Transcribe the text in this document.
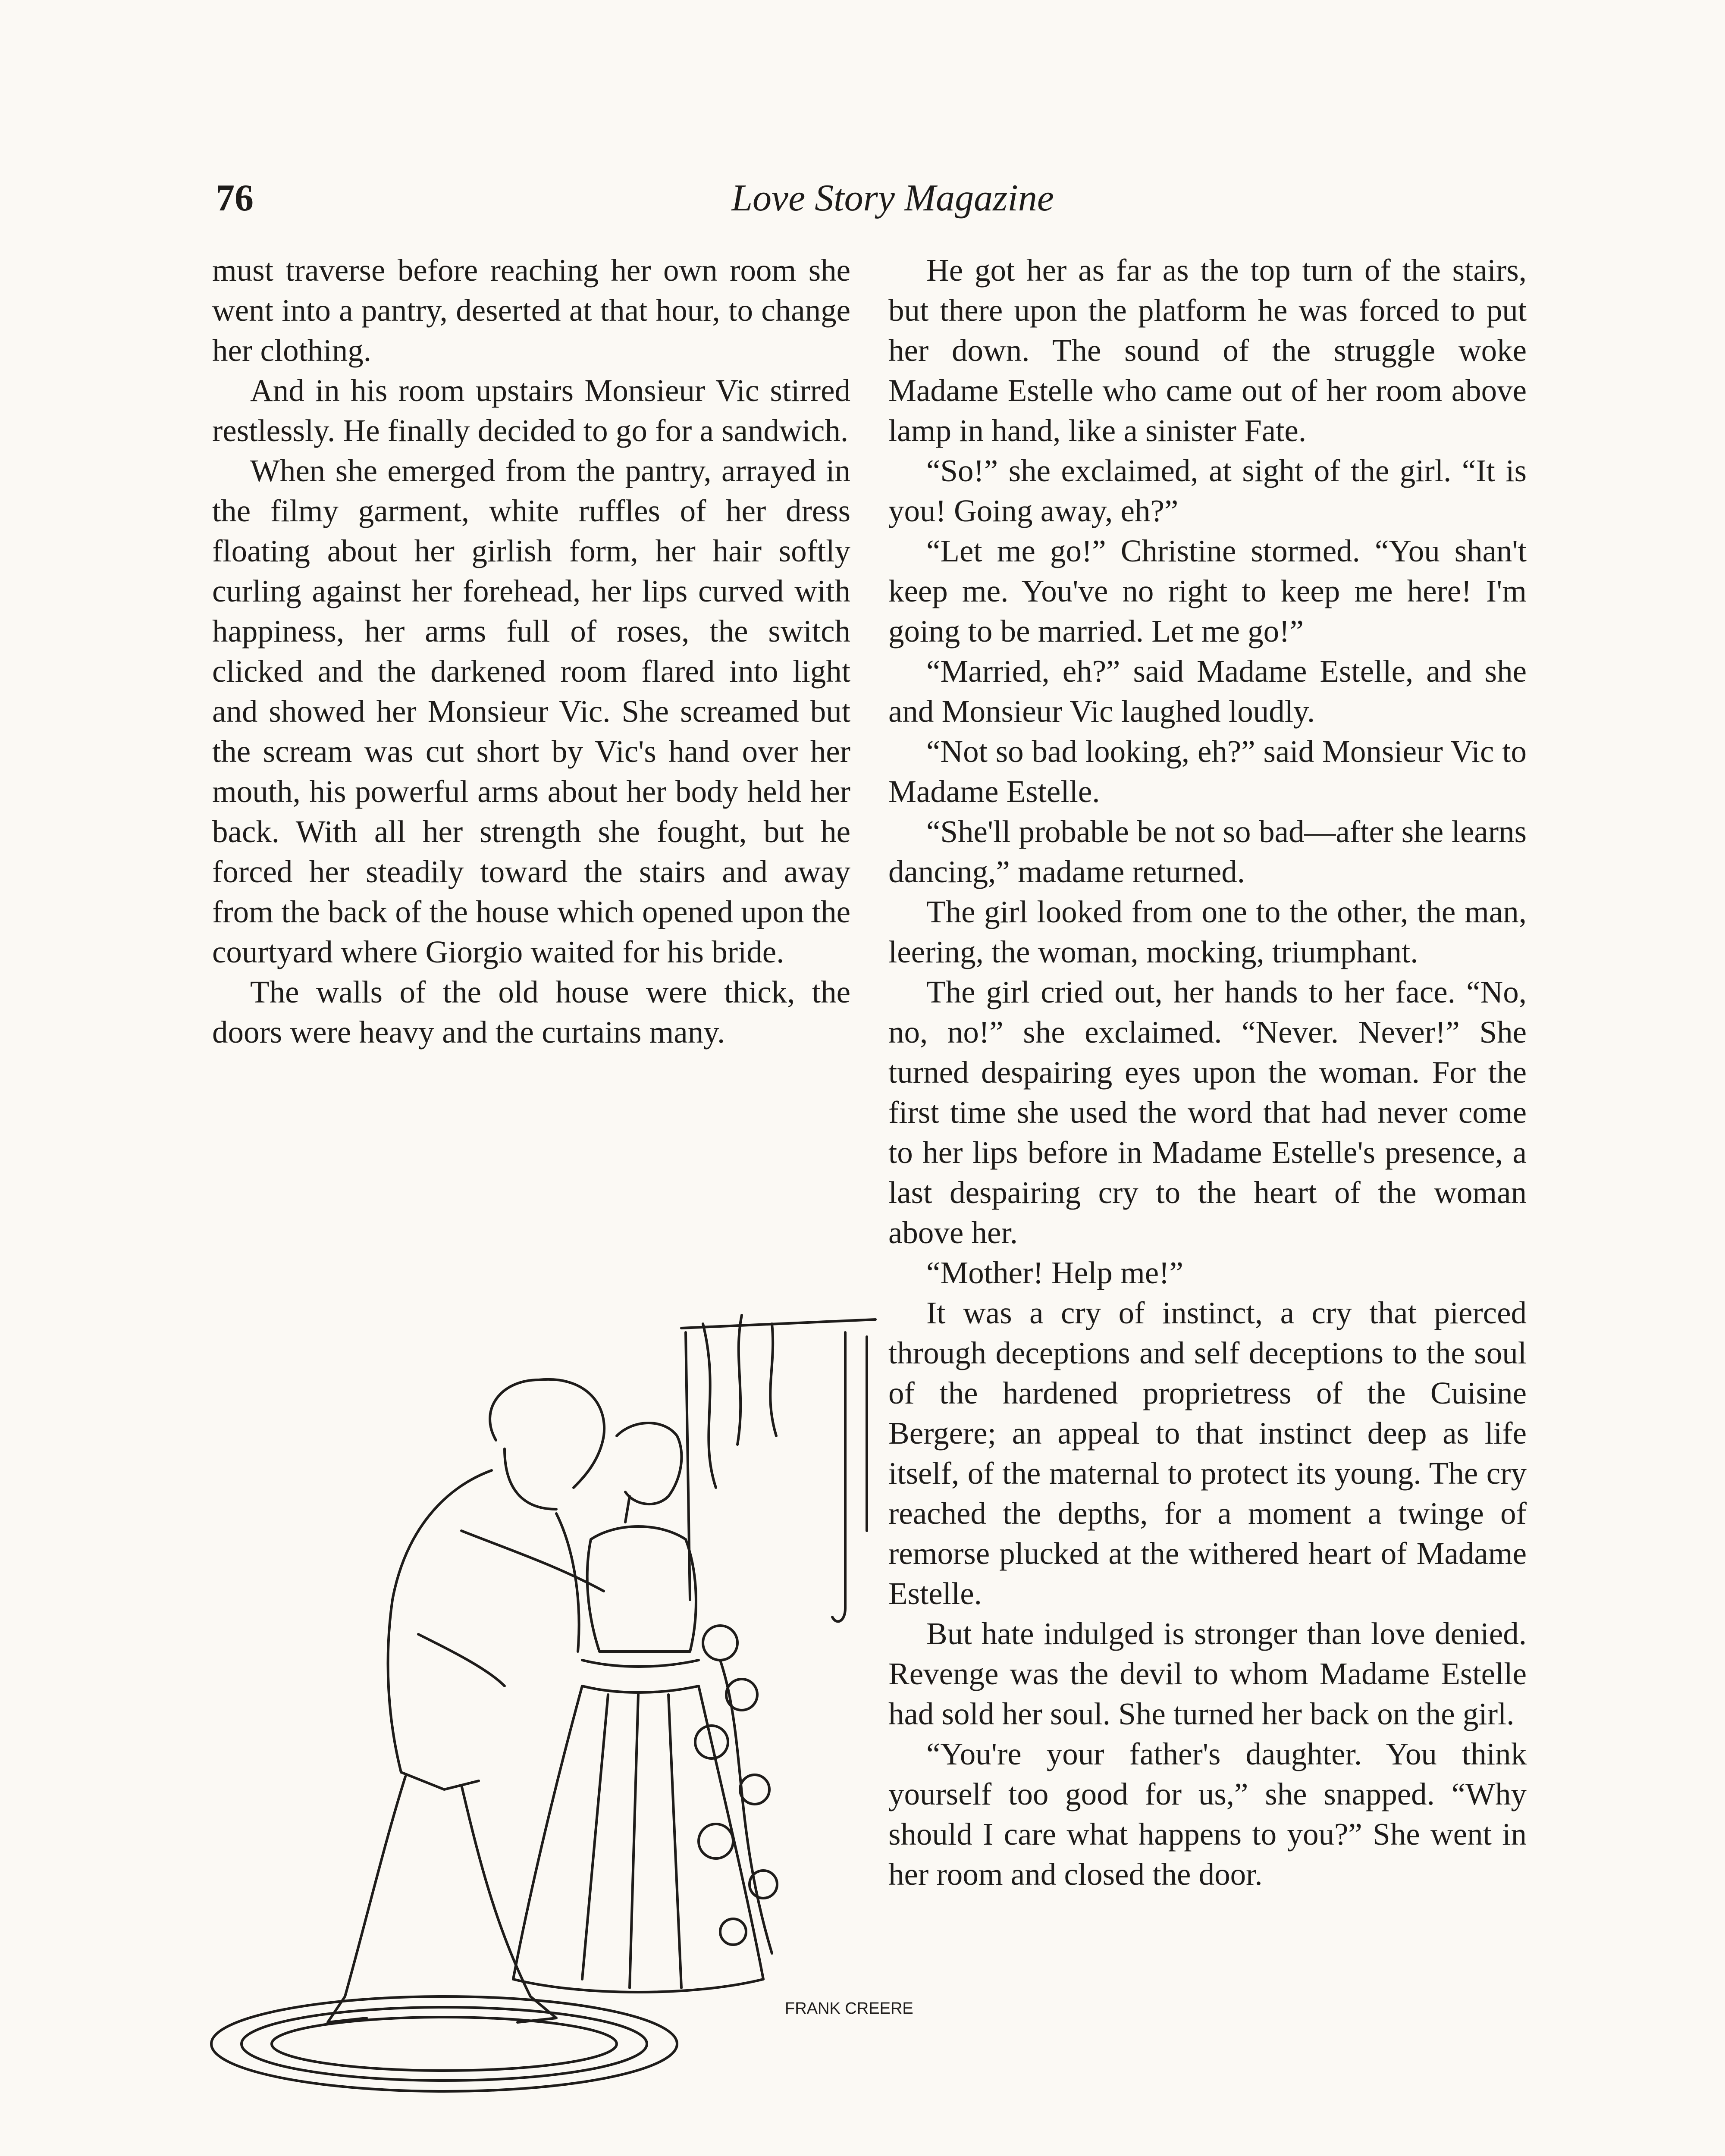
76	Love Story Magazine

must traverse before reaching her own room she went into a pantry, deserted at that hour, to change her clothing.

And in his room upstairs Monsieur Vic stirred restlessly. He finally decided to go for a sandwich.

When she emerged from the pantry, arrayed in the filmy garment, white ruffles of her dress floating about her girlish form, her hair softly curling against her forehead, her lips curved with happiness, her arms full of roses, the switch clicked and the darkened room flared into light and showed her Monsieur Vic. She screamed but the scream was cut short by Vic's hand over her mouth, his powerful arms about her body held her back. With all her strength she fought, but he forced her steadily toward the stairs and away from the back of the house which opened upon the courtyard where Giorgio waited for his bride.

The walls of the old house were thick, the doors were heavy and the curtains many.

He got her as far as the top turn of the stairs, but there upon the platform he was forced to put her down. The sound of the struggle woke Madame Estelle who came out of her room above lamp in hand, like a sinister Fate.

“So!” she exclaimed, at sight of the girl. “It is you! Going away, eh?”

“Let me go!” Christine stormed. “You shan't keep me. You've no right to keep me here! I'm going to be married. Let me go!”

“Married, eh?” said Madame Estelle, and she and Monsieur Vic laughed loudly.

“Not so bad looking, eh?” said Monsieur Vic to Madame Estelle.

“She'll probable be not so bad—after she learns dancing,” madame returned.

The girl looked from one to the other, the man, leering, the woman, mocking, triumphant.

The girl cried out, her hands to her face. “No, no, no!” she exclaimed. “Never. Never!” She turned despairing eyes upon the woman. For the first time she used the word that had never come to her lips before in Madame Estelle's presence, a last despairing cry to the heart of the woman above her.

“Mother! Help me!”

It was a cry of instinct, a cry that pierced through deceptions and self deceptions to the soul of the hardened proprietress of the Cuisine Bergere; an appeal to that instinct deep as life itself, of the maternal to protect its young. The cry reached the depths, for a moment a twinge of remorse plucked at the withered heart of Madame Estelle.

But hate indulged is stronger than love denied. Revenge was the devil to whom Madame Estelle had sold her soul. She turned her back on the girl.

“You're your father's daughter. You think yourself too good for us,” she snapped. “Why should I care what happens to you?” She went in her room and closed the door.

FRANK CREERE
